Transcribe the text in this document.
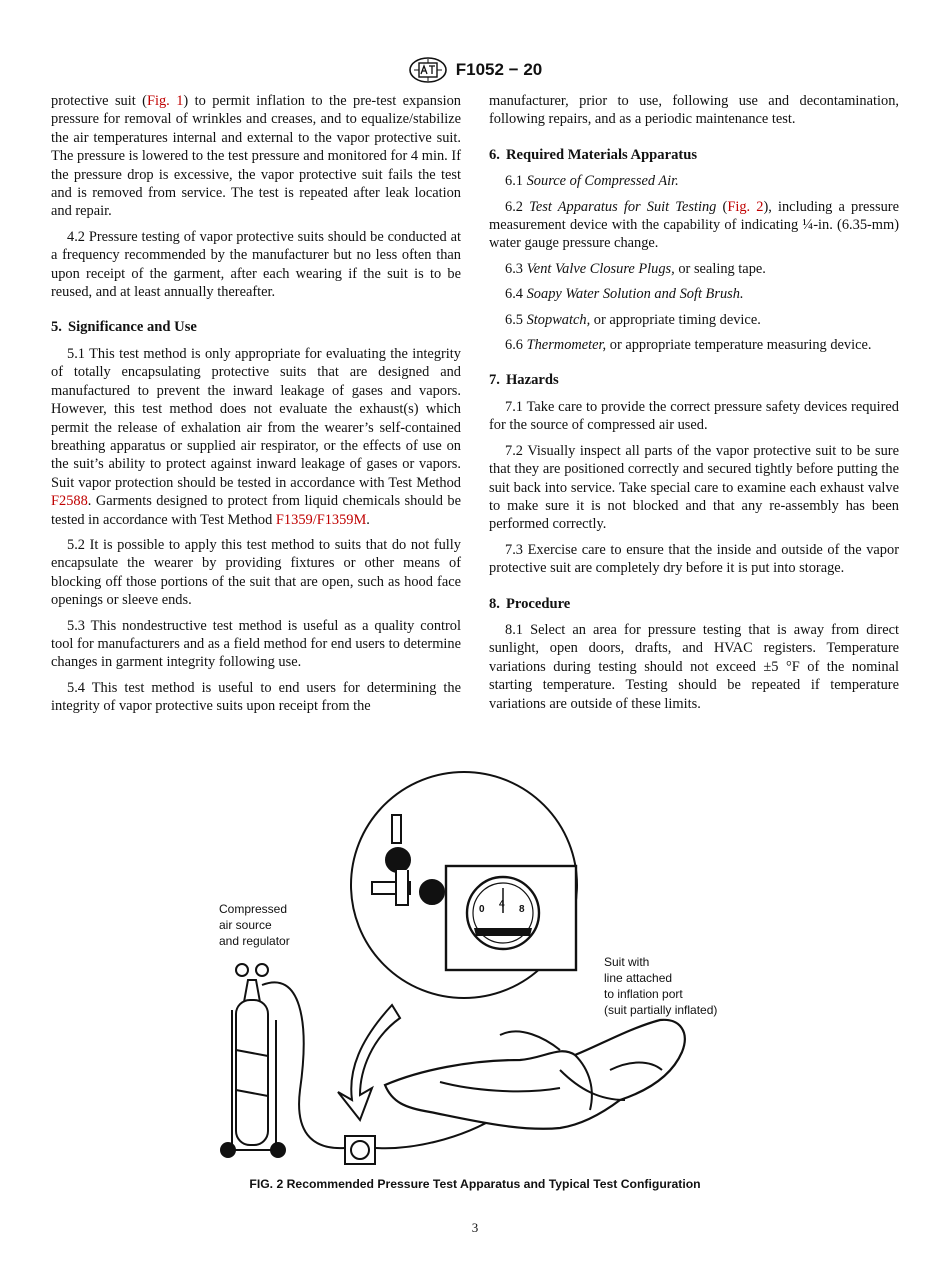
F1052 − 20

protective suit (Fig. 1) to permit inflation to the pre-test expansion pressure for removal of wrinkles and creases, and to equalize/stabilize the air temperatures internal and external to the vapor protective suit. The pressure is lowered to the test pressure and monitored for 4 min. If the pressure drop is excessive, the vapor protective suit fails the test and is removed from service. The test is repeated after leak location and repair.

4.2 Pressure testing of vapor protective suits should be conducted at a frequency recommended by the manufacturer but no less often than upon receipt of the garment, after each wearing if the suit is to be reused, and at least annually thereafter.

5. Significance and Use

5.1 This test method is only appropriate for evaluating the integrity of totally encapsulating protective suits that are designed and manufactured to prevent the inward leakage of gases and vapors. However, this test method does not evaluate the exhaust(s) which permit the release of exhalation air from the wearer’s self-contained breathing apparatus or supplied air respirator, or the effects of use on the suit’s ability to protect against inward leakage of gases or vapors. Suit vapor protection should be tested in accordance with Test Method F2588. Garments designed to protect from liquid chemicals should be tested in accordance with Test Method F1359/F1359M.

5.2 It is possible to apply this test method to suits that do not fully encapsulate the wearer by providing fixtures or other means of blocking off those portions of the suit that are open, such as hood face openings or sleeve ends.

5.3 This nondestructive test method is useful as a quality control tool for manufacturers and as a field method for end users to determine changes in garment integrity following use.

5.4 This test method is useful to end users for determining the integrity of vapor protective suits upon receipt from the

manufacturer, prior to use, following use and decontamination, following repairs, and as a periodic maintenance test.

6. Required Materials Apparatus

6.1 Source of Compressed Air.

6.2 Test Apparatus for Suit Testing (Fig. 2), including a pressure measurement device with the capability of indicating ¼-in. (6.35-mm) water gauge pressure change.

6.3 Vent Valve Closure Plugs, or sealing tape.

6.4 Soapy Water Solution and Soft Brush.

6.5 Stopwatch, or appropriate timing device.

6.6 Thermometer, or appropriate temperature measuring device.

7. Hazards

7.1 Take care to provide the correct pressure safety devices required for the source of compressed air used.

7.2 Visually inspect all parts of the vapor protective suit to be sure that they are positioned correctly and secured tightly before putting the suit back into service. Take special care to examine each exhaust valve to make sure it is not blocked and that any re-assembly has been performed correctly.

7.3 Exercise care to ensure that the inside and outside of the vapor protective suit are completely dry before it is put into storage.

8. Procedure

8.1 Select an area for pressure testing that is away from direct sunlight, open doors, drafts, and HVAC registers. Temperature variations during testing should not exceed ±5 °F of the nominal starting temperature. Testing should be repeated if temperature variations are outside of these limits.

Compressed
air source
and regulator
Suit with
line attached
to inflation port
(suit partially inflated)
0 4 8
FIG. 2 Recommended Pressure Test Apparatus and Typical Test Configuration
3
